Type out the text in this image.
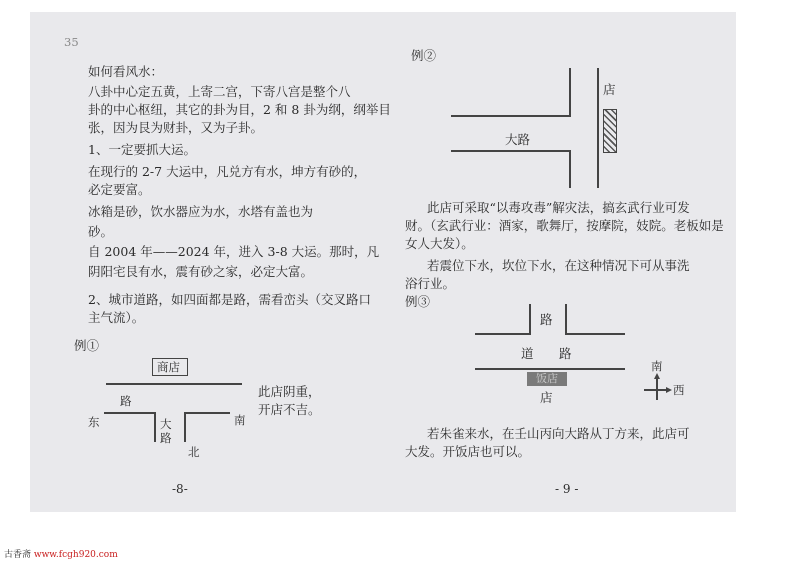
35
如何看风水：
八卦中心定五黄，上寄二宫，下寄八宫是整个八
卦的中心枢纽，其它的卦为目，2 和 8 卦为纲，纲举目
张，因为艮为财卦，又为子卦。
1、一定要抓大运。
在现行的 2-7 大运中，凡兑方有水，坤方有砂的，
必定要富。
冰箱是砂，饮水器应为水，水塔有盖也为
砂。
自 2004 年——2024 年，进入 3-8 大运。那时，凡
阴阳宅艮有水，震有砂之家，必定大富。
2、城市道路，如四面都是路，需看峦头（交叉路口
主气流）。
例①
商店
路
东	大
路
南
北
此店阴重，
开店不吉。
-8-
例②
店
大路
此店可采取“以毒攻毒”解灾法，搞玄武行业可发
财。（玄武行业：酒家，歌舞厅，按摩院，妓院。老板如是
女人大发）。
若震位下水，坎位下水，在这种情况下可从事洗
浴行业。
例③
路
道 路
饭店
店
南
西
若朱雀来水，在壬山丙向大路从丁方来，此店可
大发。开饭店也可以。
- 9 -
古香斋 www.fcgh920.com
